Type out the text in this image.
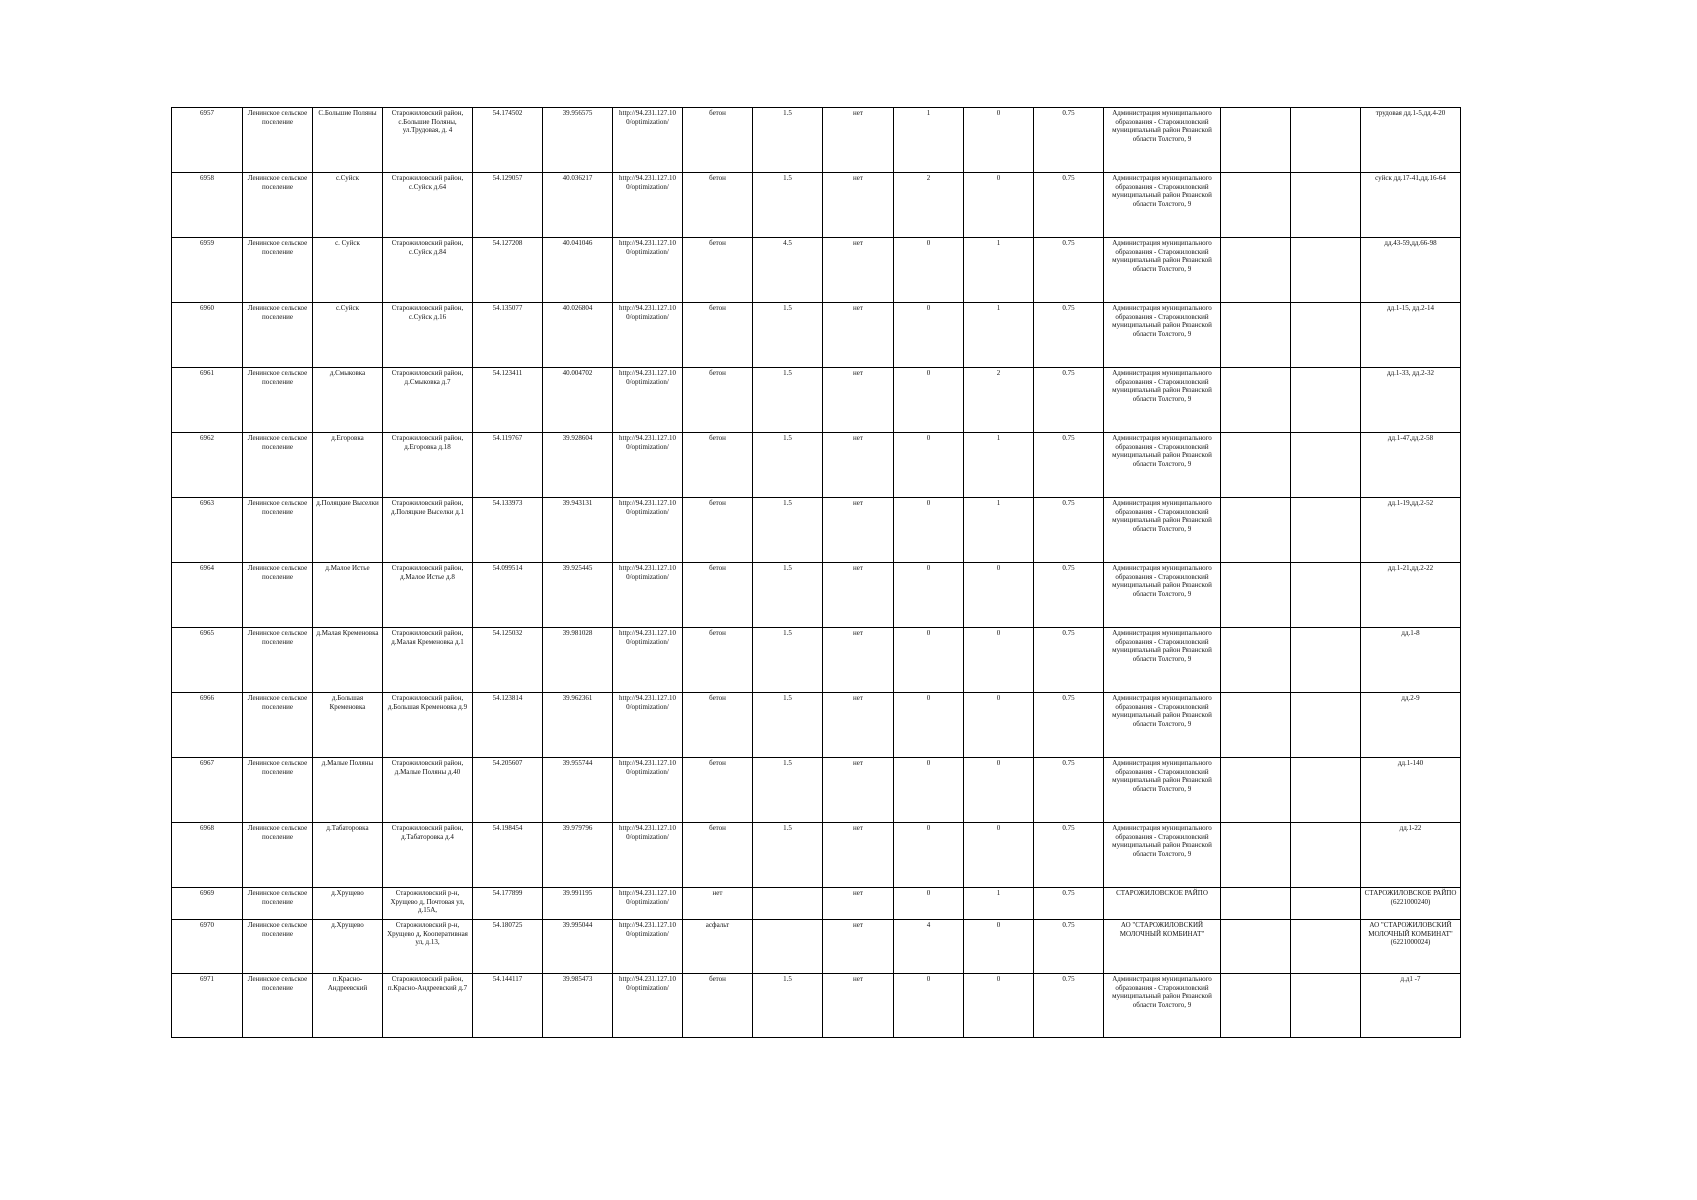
6957	Ленинское сельское поселение	С.Большие Поляны	Старожиловский район, с.Большие Поляны, ул.Трудовая, д. 4	54.174502	39.956575	http://94.231.127.10 0/optimization/	бетон	1.5	нет	1	0	0.75	Администрация муниципального образования - Старожиловский муниципальный район Рязанской области Толстого, 9			трудовая дд.1-5,дд.4-20
6958	Ленинское сельское поселение	с.Суйск	Старожиловский район, с.Суйск д.64	54.129057	40.036217	http://94.231.127.10 0/optimization/	бетон	1.5	нет	2	0	0.75	Администрация муниципального образования - Старожиловский муниципальный район Рязанской области Толстого, 9			суйск дд.17-41,дд.16-64
6959	Ленинское сельское поселение	с. Суйск	Старожиловский район, с.Суйск д.84	54.127208	40.041046	http://94.231.127.10 0/optimization/	бетон	4.5	нет	0	1	0.75	Администрация муниципального образования - Старожиловский муниципальный район Рязанской области Толстого, 9			дд.43-59,дд.66-98
6960	Ленинское сельское поселение	с.Суйск	Старожиловский район, с.Суйск д.16	54.135077	40.026804	http://94.231.127.10 0/optimization/	бетон	1.5	нет	0	1	0.75	Администрация муниципального образования - Старожиловский муниципальный район Рязанской области Толстого, 9			дд.1-15, дд.2-14
6961	Ленинское сельское поселение	д.Смыковка	Старожиловский район, д.Смыковка д.7	54.123411	40.004702	http://94.231.127.10 0/optimization/	бетон	1.5	нет	0	2	0.75	Администрация муниципального образования - Старожиловский муниципальный район Рязанской области Толстого, 9			дд.1-33, дд.2-32
6962	Ленинское сельское поселение	д.Егоровка	Старожиловский район, д.Егоровка д.18	54.119767	39.928604	http://94.231.127.10 0/optimization/	бетон	1.5	нет	0	1	0.75	Администрация муниципального образования - Старожиловский муниципальный район Рязанской области Толстого, 9			дд.1-47,дд.2-58
6963	Ленинское сельское поселение	д.Поляцкие Выселки	Старожиловский район, д.Поляцкие Выселки д.1	54.133973	39.943131	http://94.231.127.10 0/optimization/	бетон	1.5	нет	0	1	0.75	Администрация муниципального образования - Старожиловский муниципальный район Рязанской области Толстого, 9			дд.1-19,дд.2-52
6964	Ленинское сельское поселение	д.Малое Истье	Старожиловский район, д.Малое Истье д.8	54.099514	39.925445	http://94.231.127.10 0/optimization/	бетон	1.5	нет	0	0	0.75	Администрация муниципального образования - Старожиловский муниципальный район Рязанской области Толстого, 9			дд.1-21,дд.2-22
6965	Ленинское сельское поселение	д.Малая Кременовка	Старожиловский район, д.Малая Кременовка д.1	54.125032	39.981028	http://94.231.127.10 0/optimization/	бетон	1.5	нет	0	0	0.75	Администрация муниципального образования - Старожиловский муниципальный район Рязанской области Толстого, 9			дд.1-8
6966	Ленинское сельское поселение	д.Большая Кременовка	Старожиловский район, д.Большая Кременовка д.9	54.123814	39.962361	http://94.231.127.10 0/optimization/	бетон	1.5	нет	0	0	0.75	Администрация муниципального образования - Старожиловский муниципальный район Рязанской области Толстого, 9			дд.2-9
6967	Ленинское сельское поселение	д.Малые Поляны	Старожиловский район, д.Малые Поляны д.40	54.205607	39.955744	http://94.231.127.10 0/optimization/	бетон	1.5	нет	0	0	0.75	Администрация муниципального образования - Старожиловский муниципальный район Рязанской области Толстого, 9			дд.1-140
6968	Ленинское сельское поселение	д.Табаторовка	Старожиловский район, д.Табаторовка д.4	54.198454	39.979796	http://94.231.127.10 0/optimization/	бетон	1.5	нет	0	0	0.75	Администрация муниципального образования - Старожиловский муниципальный район Рязанской области Толстого, 9			дд.1-22
6969	Ленинское сельское поселение	д.Хрущево	Старожиловский р-н, Хрущево д, Почтовая ул, д.15А,	54.177899	39.991195	http://94.231.127.10 0/optimization/	нет		нет	0	1	0.75	СТАРОЖИЛОВСКОЕ РАЙПО			СТАРОЖИЛОВСКОЕ РАЙПО (6221000240)
6970	Ленинское сельское поселение	д.Хрущево	Старожиловский р-н, Хрущево д, Кооперативная ул, д.13,	54.180725	39.995044	http://94.231.127.10 0/optimization/	асфальт		нет	4	0	0.75	АО "СТАРОЖИЛОВСКИЙ МОЛОЧНЫЙ КОМБИНАТ"			АО "СТАРОЖИЛОВСКИЙ МОЛОЧНЫЙ КОМБИНАТ"(6221000024)
6971	Ленинское сельское поселение	п.Красно-Андреевский	Старожиловский район, п.Красно-Андреевский д.7	54.144117	39.985473	http://94.231.127.10 0/optimization/	бетон	1.5	нет	0	0	0.75	Администрация муниципального образования - Старожиловский муниципальный район Рязанской области Толстого, 9			д.д1 -7
